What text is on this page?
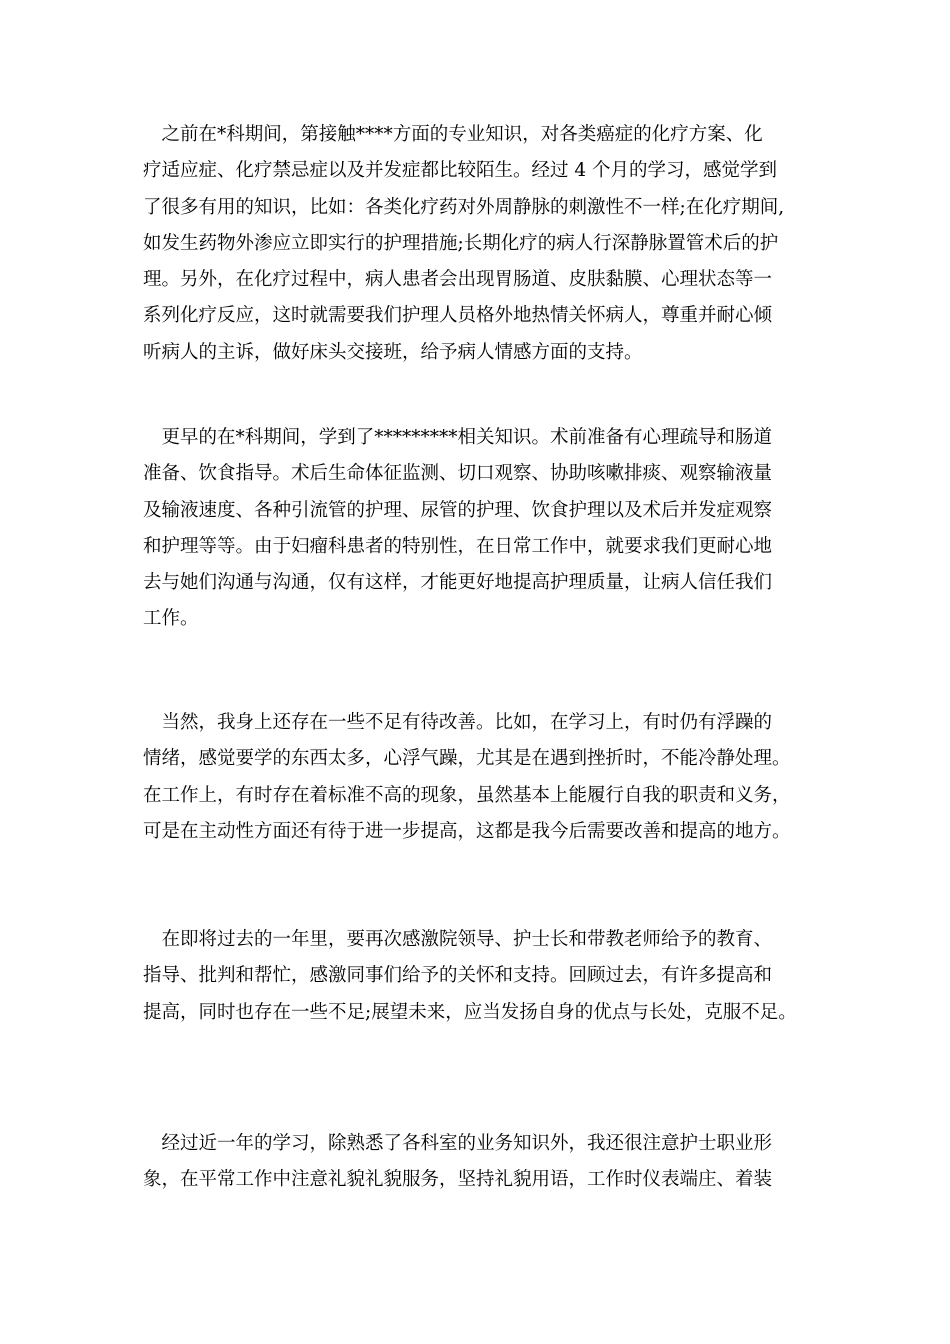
　之前在*科期间，第接触****方面的专业知识，对各类癌症的化疗方案、化
疗适应症、化疗禁忌症以及并发症都比较陌生。经过 4 个月的学习，感觉学到
了很多有用的知识，比如：各类化疗药对外周静脉的刺激性不一样;在化疗期间,
如发生药物外渗应立即实行的护理措施;长期化疗的病人行深静脉置管术后的护
理。另外，在化疗过程中，病人患者会出现胃肠道、皮肤黏膜、心理状态等一
系列化疗反应，这时就需要我们护理人员格外地热情关怀病人，尊重并耐心倾
听病人的主诉，做好床头交接班，给予病人情感方面的支持。
　更早的在*科期间，学到了*********相关知识。术前准备有心理疏导和肠道
准备、饮食指导。术后生命体征监测、切口观察、协助咳嗽排痰、观察输液量
及输液速度、各种引流管的护理、尿管的护理、饮食护理以及术后并发症观察
和护理等等。由于妇瘤科患者的特别性，在日常工作中，就要求我们更耐心地
去与她们沟通与沟通，仅有这样，才能更好地提高护理质量，让病人信任我们
工作。
　当然，我身上还存在一些不足有待改善。比如，在学习上，有时仍有浮躁的
情绪，感觉要学的东西太多，心浮气躁，尤其是在遇到挫折时，不能冷静处理。
在工作上，有时存在着标准不高的现象，虽然基本上能履行自我的职责和义务，
可是在主动性方面还有待于进一步提高，这都是我今后需要改善和提高的地方。
　在即将过去的一年里，要再次感激院领导、护士长和带教老师给予的教育、
指导、批判和帮忙，感激同事们给予的关怀和支持。回顾过去，有许多提高和
提高，同时也存在一些不足;展望未来，应当发扬自身的优点与长处，克服不足。
　经过近一年的学习，除熟悉了各科室的业务知识外，我还很注意护士职业形
象，在平常工作中注意礼貌礼貌服务，坚持礼貌用语，工作时仪表端庄、着装
